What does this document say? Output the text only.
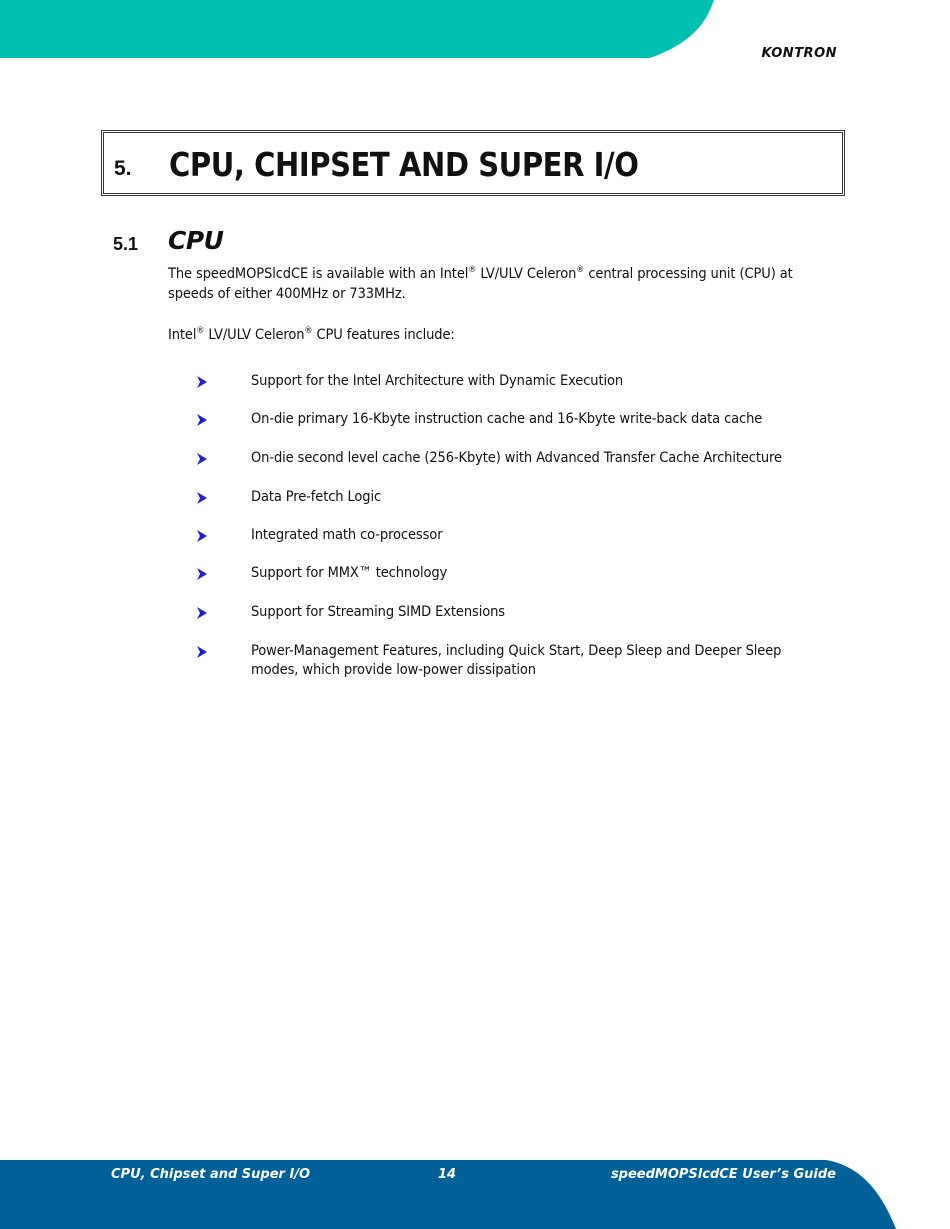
KONTRON
5. CPU, CHIPSET AND SUPER I/O
5.1 CPU
The speedMOPSlcdCE is available with an Intel® LV/ULV Celeron® central processing unit (CPU) at speeds of either 400MHz or 733MHz.
Intel® LV/ULV Celeron® CPU features include:
Support for the Intel Architecture with Dynamic Execution
On-die primary 16-Kbyte instruction cache and 16-Kbyte write-back data cache
On-die second level cache (256-Kbyte) with Advanced Transfer Cache Architecture
Data Pre-fetch Logic
Integrated math co-processor
Support for MMX™ technology
Support for Streaming SIMD Extensions
Power-Management Features, including Quick Start, Deep Sleep and Deeper Sleep modes, which provide low-power dissipation
CPU, Chipset and Super I/O	14	speedMOPSlcdCE User’s Guide
